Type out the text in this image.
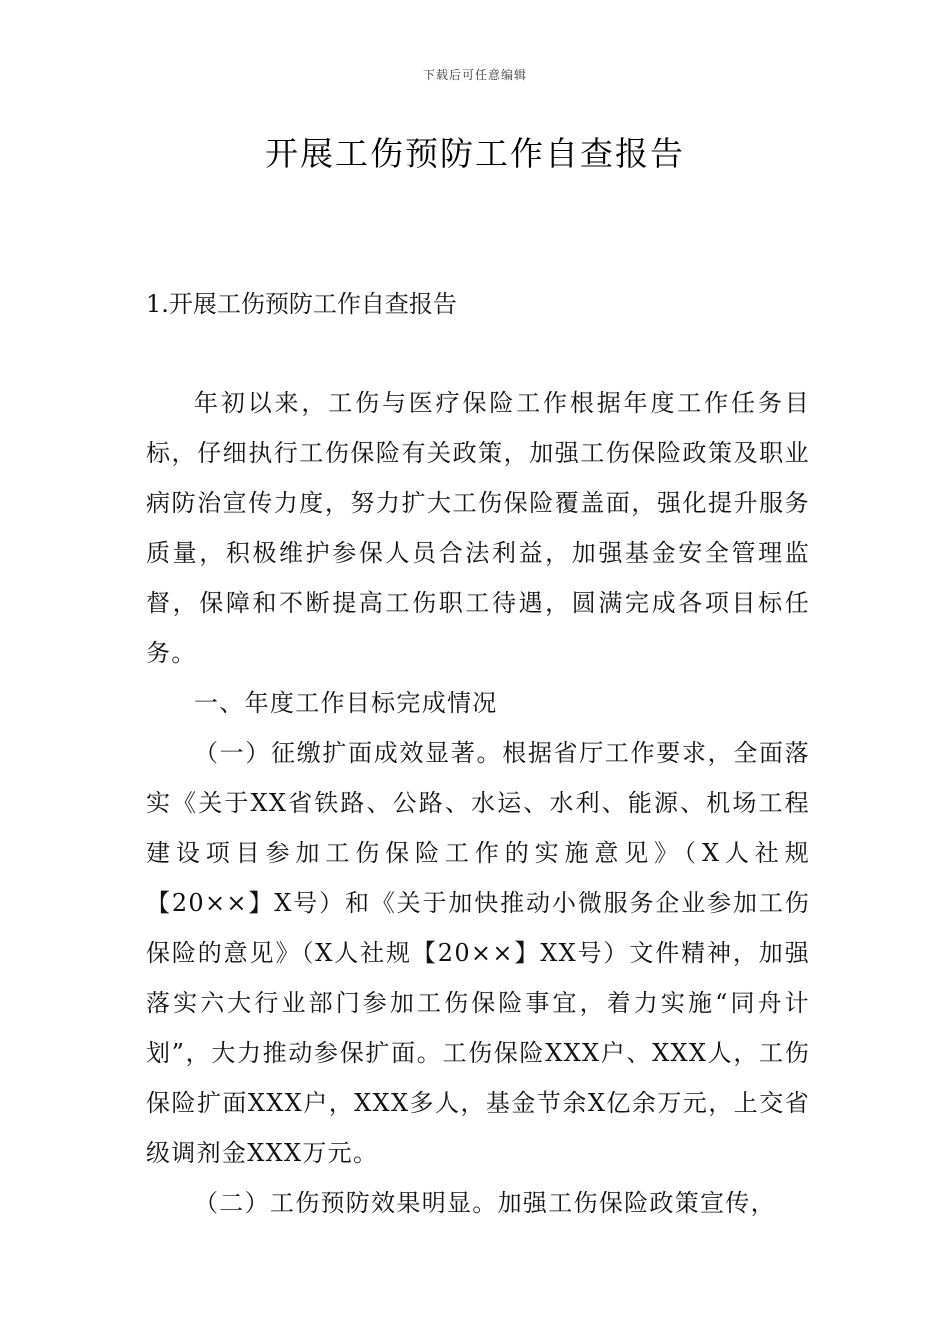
下载后可任意编辑
开展工伤预防工作自查报告
1.开展工伤预防工作自查报告

年初以来，工伤与医疗保险工作根据年度工作任务目标，仔细执行工伤保险有关政策，加强工伤保险政策及职业病防治宣传力度，努力扩大工伤保险覆盖面，强化提升服务质量，积极维护参保人员合法利益，加强基金安全管理监督，保障和不断提高工伤职工待遇，圆满完成各项目标任务。

一、年度工作目标完成情况

（一）征缴扩面成效显著。根据省厅工作要求，全面落实《关于XX省铁路、公路、水运、水利、能源、机场工程建设项目参加工伤保险工作的实施意见》（X人社规【20××】X号）和《关于加快推动小微服务企业参加工伤保险的意见》（X人社规【20××】XX号）文件精神，加强落实六大行业部门参加工伤保险事宜，着力实施“同舟计划”，大力推动参保扩面。工伤保险XXX户、XXX人，工伤保险扩面XXX户，XXX多人，基金节余X亿余万元，上交省级调剂金XXX万元。

（二）工伤预防效果明显。加强工伤保险政策宣传，
